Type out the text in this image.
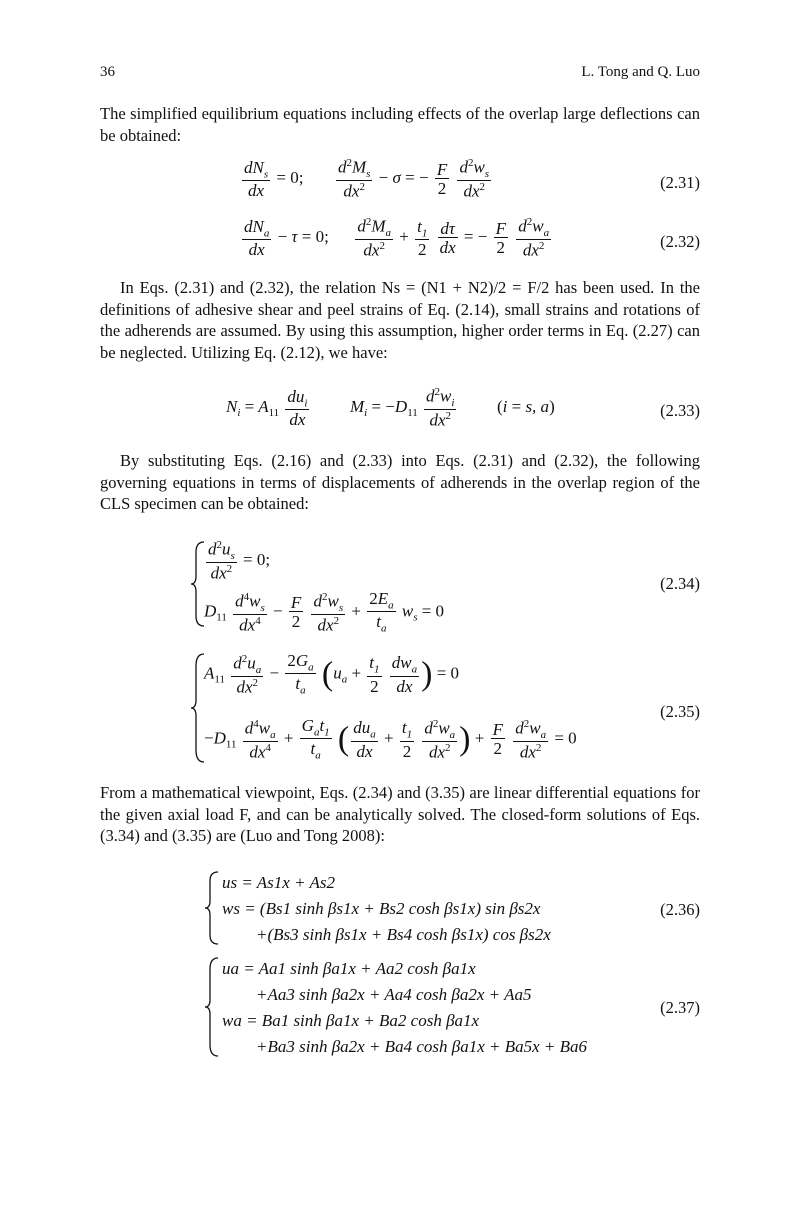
36	L. Tong and Q. Luo
The simplified equilibrium equations including effects of the overlap large deflections can be obtained:
$\frac{dN_s}{dx} = 0$; $\frac{d^2M_s}{dx^2} - \sigma$ = − $\frac{F}{2}$
$\frac{d^2w_s}{dx^2}$	(2.31)
$\frac{dN_a}{dx} - \tau = 0$; $\frac{d^2M_a}{dx^2} + \frac{t_1}{2}$
$\frac{d\tau}{dx}$ = − $\frac{F}{2}$
$\frac{d^2w_a}{dx^2}$	(2.32)
In Eqs. (2.31) and (2.32), the relation Ns = (N1 + N2)/2 = F/2 has been used. In the definitions of adhesive shear and peel strains of Eq. (2.14), small strains and rotations of the adherends are assumed. By using this assumption, higher order terms in Eq. (2.27) can be neglected. Utilizing Eq. (2.12), we have:
$N_i = A_{11} \frac{du_i}{dx} M_i = -D_{11} \frac{d^2w_i}{dx^2} (i = s$, a)	(2.33)
By substituting Eqs. (2.16) and (2.33) into Eqs. (2.31) and (2.32), the following governing equations in terms of displacements of adherends in the overlap region of the CLS specimen can be obtained:
$\frac{d^2u_s}{dx^2} = 0$;
$D_{11} \frac{d^4w_s}{dx^4} - \frac{F}{2}$
$\frac{d^2w_s}{dx^2} + \frac{2E_a}{t_a} w_s = 0$
(2.34)
$A_{11} \frac{d^2u_a}{dx^2} - \frac{2G_a}{t_a} (u_a + \frac{t_1}{2}$
$\frac{dw_a}{dx}$ ) = 0
$-D_{11} \frac{d^4w_a}{dx^4} + \frac{G_at_1}{t_a}$ ( $\frac{du_a}{dx} + \frac{t_1}{2}$
$\frac{d^2w_a}{dx^2}$ ) + $\frac{F}{2}$
$\frac{d^2w_a}{dx^2} = 0$
(2.35)
From a mathematical viewpoint, Eqs. (2.34) and (3.35) are linear differential equations for the given axial load F, and can be analytically solved. The closed-form solutions of Eqs. (3.34) and (3.35) are (Luo and Tong 2008):
us = As1x + As2
ws = (Bs1 sinh βs1x + Bs2 cosh βs1x) sin βs2x
+(Bs3 sinh βs1x + Bs4 cosh βs1x) cos βs2x
(2.36)
ua = Aa1 sinh βa1x + Aa2 cosh βa1x
+Aa3 sinh βa2x + Aa4 cosh βa2x + Aa5
wa = Ba1 sinh βa1x + Ba2 cosh βa1x
+Ba3 sinh βa2x + Ba4 cosh βa1x + Ba5x + Ba6
(2.37)
